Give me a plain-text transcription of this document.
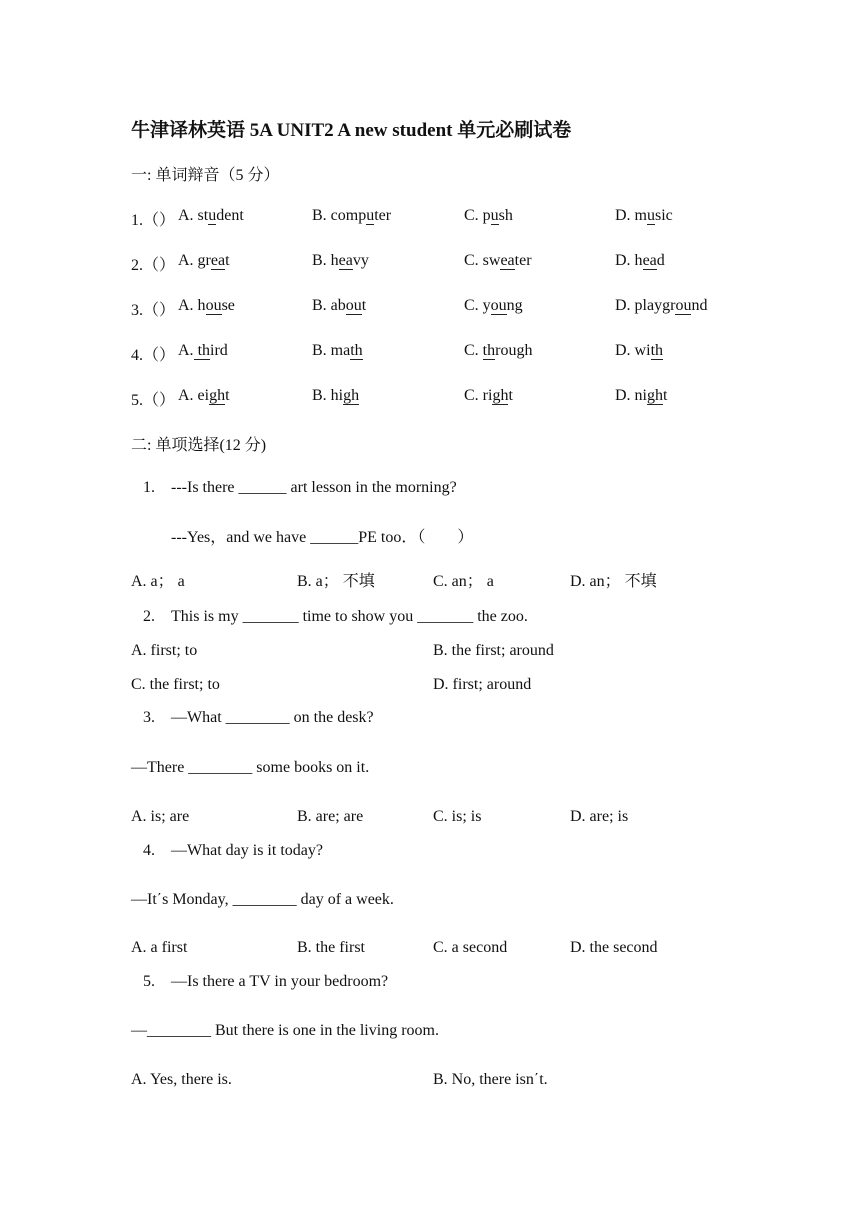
牛津译林英语 5A UNIT2 A new student 单元必刷试卷
一: 单词辩音（5 分）
1.（） A. student	B. computer	C. push	D. music
2.（） A. great	B. heavy	C. sweater	D. head
3.（） A. house	B. about	C. young	D. playground
4.（） A. third	B. math	C. through	D. with
5.（） A. eight	B. high	C. right	D. night
二: 单项选择(12 分)
1. ---Is there ______ art lesson in the morning?
---Yes，and we have ______PE too．（　　）
A. a； a	B. a； 不填	C. an； a	D. an； 不填
2. This is my _______ time to show you _______ the zoo.
A. first; to	B. the first; around
C. the first; to	D. first; around
3. —What ________ on the desk?
—There ________ some books on it.
A. is; are	B. are; are	C. is; is	D. are; is
4. —What day is it today?
—It΄s Monday, ________ day of a week.
A. a first	B. the first	C. a second	D. the second
5. —Is there a TV in your bedroom?
—________ But there is one in the living room.
A. Yes, there is.	B. No, there isn΄t.
